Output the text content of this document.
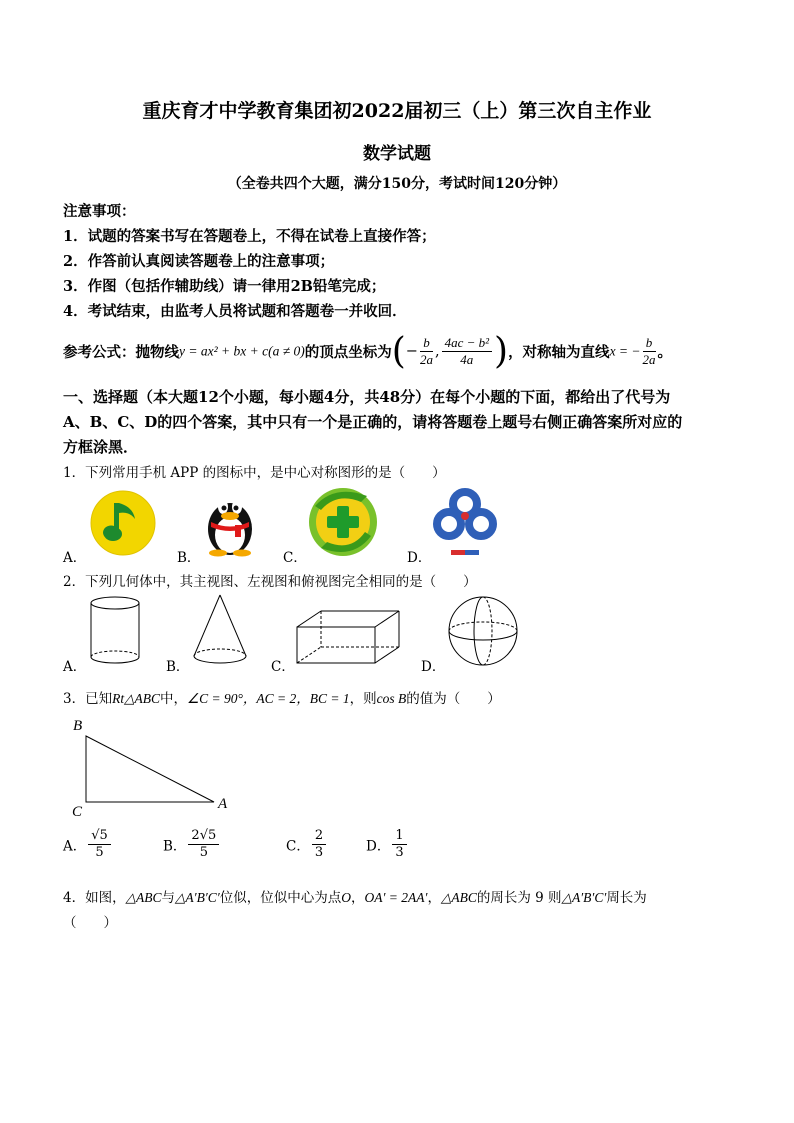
重庆育才中学教育集团初2022届初三（上）第三次自主作业
数学试题
（全卷共四个大题，满分150分，考试时间120分钟）
注意事项：
1．试题的答案书写在答题卷上，不得在试卷上直接作答；
2．作答前认真阅读答题卷上的注意事项；
3．作图（包括作辅助线）请一律用2B铅笔完成；
4．考试结束，由监考人员将试题和答题卷一并收回．
参考公式：抛物线y = ax² + bx + c(a ≠ 0)的顶点坐标为(− $\frac{b}{2a}$ , $\frac{\text{4ac − b²}}{4a}$ )，对称轴为直线x = − $\frac{b}{2a}$ 。
一、选择题（本大题12个小题，每小题4分，共48分）在每个小题的下面，都给出了代号为
A、B、C、D的四个答案，其中只有一个是正确的，请将答题卷上题号右侧正确答案所对应的
方框涂黑．
1．下列常用手机 APP 的图标中，是中心对称图形的是（　　）
A．	B．	C．	D．
2．下列几何体中，其主视图、左视图和俯视图完全相同的是（　　）
A．	B．	C．	D．
3．已知Rt△ABC中，∠C = 90°，AC = 2，BC = 1，则cos B的值为（　　）
B
C	A
A． $\frac{√5}{5}$	B． $\frac{2√5}{5}$	C． $\frac{2}{3}$	D． $\frac{1}{3}$
4．如图，△ABC与△A′B′C′位似，位似中心为点O，OA′ = 2AA′，△ABC的周长为 9 则△A′B′C′周长为
（　　）
